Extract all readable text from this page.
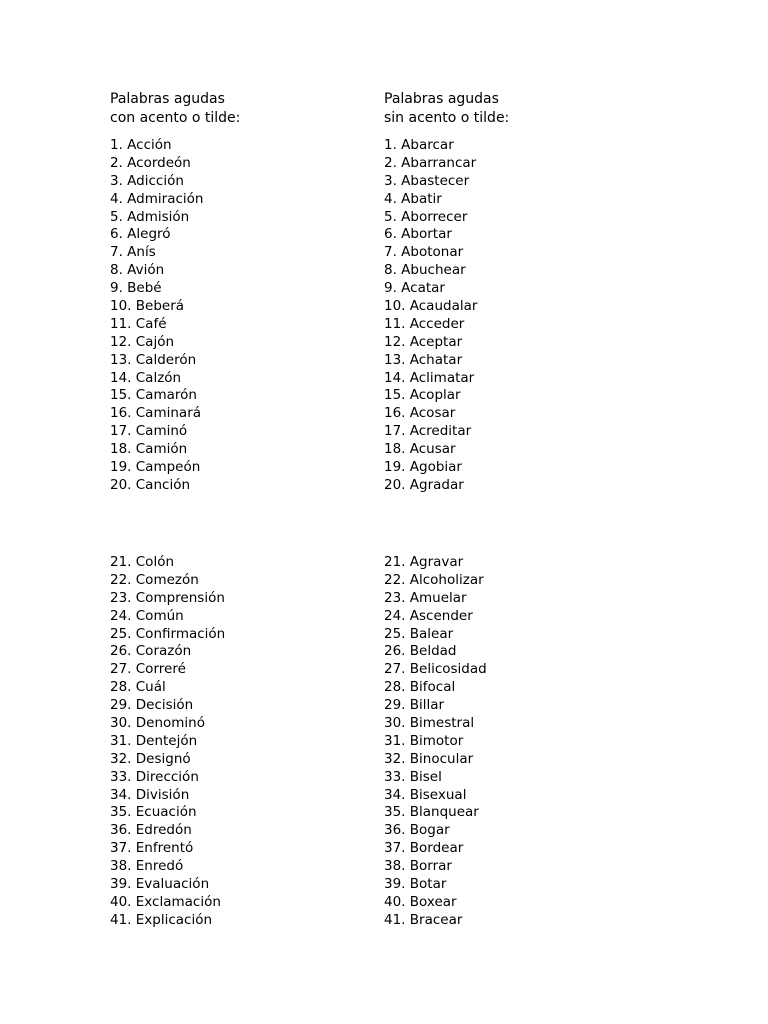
Palabras agudas
con acento o tilde:
1. Acción
2. Acordeón
3. Adicción
4. Admiración
5. Admisión
6. Alegró
7. Anís
8. Avión
9. Bebé
10. Beberá
11. Café
12. Cajón
13. Calderón
14. Calzón
15. Camarón
16. Caminará
17. Caminó
18. Camión
19. Campeón
20. Canción
21. Colón
22. Comezón
23. Comprensión
24. Común
25. Confirmación
26. Corazón
27. Correré
28. Cuál
29. Decisión
30. Denominó
31. Dentejón
32. Designó
33. Dirección
34. División
35. Ecuación
36. Edredón
37. Enfrentó
38. Enredó
39. Evaluación
40. Exclamación
41. Explicación
Palabras agudas
sin acento o tilde:
1. Abarcar
2. Abarrancar
3. Abastecer
4. Abatir
5. Aborrecer
6. Abortar
7. Abotonar
8. Abuchear
9. Acatar
10. Acaudalar
11. Acceder
12. Aceptar
13. Achatar
14. Aclimatar
15. Acoplar
16. Acosar
17. Acreditar
18. Acusar
19. Agobiar
20. Agradar
21. Agravar
22. Alcoholizar
23. Amuelar
24. Ascender
25. Balear
26. Beldad
27. Belicosidad
28. Bifocal
29. Billar
30. Bimestral
31. Bimotor
32. Binocular
33. Bisel
34. Bisexual
35. Blanquear
36. Bogar
37. Bordear
38. Borrar
39. Botar
40. Boxear
41. Bracear
